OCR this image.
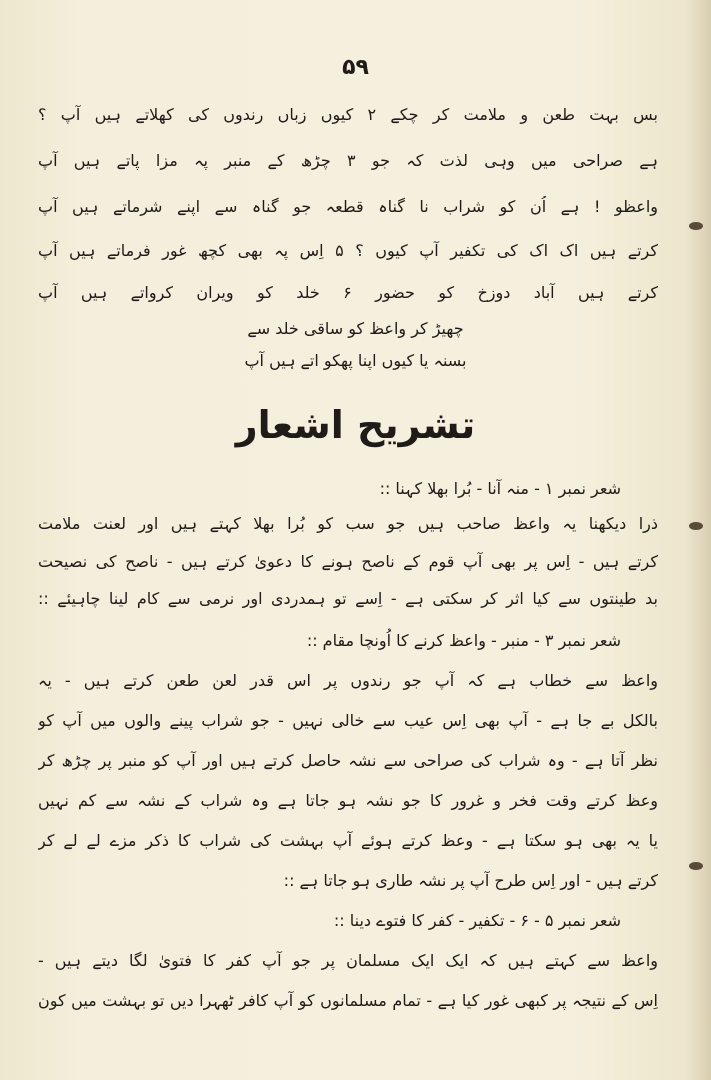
۵۹
بس بہت طعن و ملامت کر چکے ۲ کیوں زباں رندوں کی کھلاتے ہیں آپ ؟
ہے صراحی میں وہی لذت کہ جو ۳ چڑھ کے منبر پہ مزا پاتے ہیں آپ
واعظو ! ہے اُن کو شراب نا گناہ قطعہ جو گناہ سے اپنے شرماتے ہیں آپ
کرتے ہیں اک اک کی تکفیر آپ کیوں ؟ ۵ اِس پہ بھی کچھ غور فرماتے ہیں آپ
کرتے ہیں آباد دوزخ کو حضور ۶ خلد کو ویران کرواتے ہیں آپ
چھیڑ کر واعظ کو ساقی خلد سے
بسنہ یا کیوں اپنا پھکو اتے ہیں آپ
تشریح اشعار
شعر نمبر ۱ - منہ آنا - بُرا بھلا کہنا ::
ذرا دیکھنا یہ واعظ صاحب ہیں جو سب کو بُرا بھلا کہتے ہیں اور لعنت ملامت
کرتے ہیں - اِس پر بھی آپ قوم کے ناصح ہونے کا دعویٰ کرتے ہیں - ناصح کی نصیحت
بد طینتوں سے کیا اثر کر سکتی ہے - اِسے تو ہمدردی اور نرمی سے کام لینا چاہیئے ::
شعر نمبر ۳ - منبر - واعظ کرنے کا اُونچا مقام ::
واعظ سے خطاب ہے کہ آپ جو رندوں پر اس قدر لعن طعن کرتے ہیں - یہ
بالکل بے جا ہے - آپ بھی اِس عیب سے خالی نہیں - جو شراب پینے والوں میں آپ کو
نظر آتا ہے - وہ شراب کی صراحی سے نشہ حاصل کرتے ہیں اور آپ کو منبر پر چڑھ کر
وعظ کرتے وقت فخر و غرور کا جو نشہ ہو جاتا ہے وہ شراب کے نشہ سے کم نہیں
یا یہ بھی ہو سکتا ہے - وعظ کرتے ہوئے آپ بہشت کی شراب کا ذکر مزے لے لے کر
کرتے ہیں - اور اِس طرح آپ پر نشہ طاری ہو جاتا ہے ::
شعر نمبر ۵ - ۶ - تکفیر - کفر کا فتوے دینا ::
واعظ سے کہتے ہیں کہ ایک ایک مسلمان پر جو آپ کفر کا فتویٰ لگا دیتے ہیں -
اِس کے نتیجہ پر کبھی غور کیا ہے - تمام مسلمانوں کو آپ کافر ٹھہرا دیں تو بہشت میں کون
